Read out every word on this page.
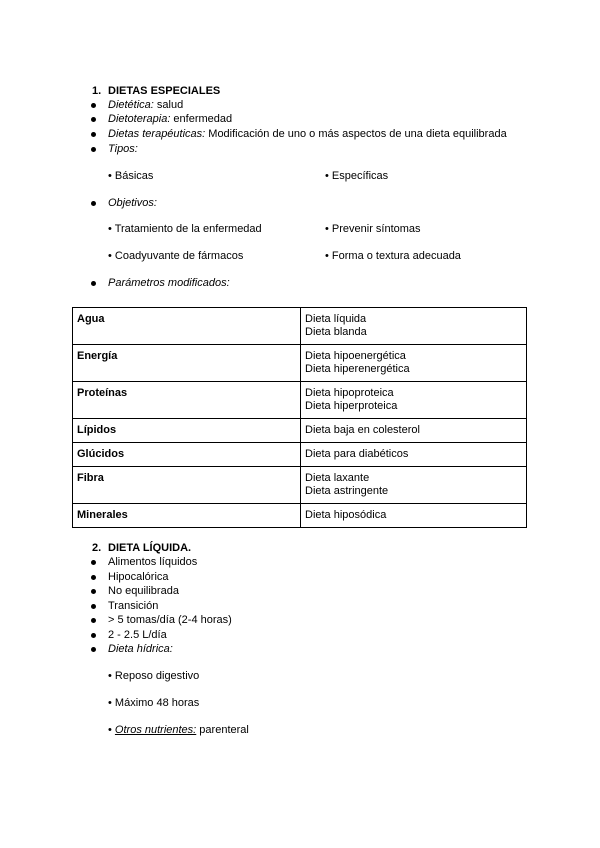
1. DIETAS ESPECIALES
Dietética: salud
Dietoterapia: enfermedad
Dietas terapéuticas: Modificación de uno o más aspectos de una dieta equilibrada
Tipos:
• Básicas	• Específicas
Objetivos:
• Tratamiento de la enfermedad	• Prevenir síntomas
• Coadyuvante de fármacos	• Forma o textura adecuada
Parámetros modificados:
Agua	Dieta líquida
Dieta blanda

Energía	Dieta hipoenergética
Dieta hiperenergética

Proteínas	Dieta hipoproteica
Dieta hiperproteica

Lípidos	Dieta baja en colesterol

Glúcidos	Dieta para diabéticos

Fibra	Dieta laxante
Dieta astringente

Minerales	Dieta hiposódica
2. DIETA LÍQUIDA.
Alimentos líquidos
Hipocalórica
No equilibrada
Transición
> 5 tomas/día (2-4 horas)
2 - 2.5 L/día
Dieta hídrica:
• Reposo digestivo
• Máximo 48 horas
• Otros nutrientes: parenteral
